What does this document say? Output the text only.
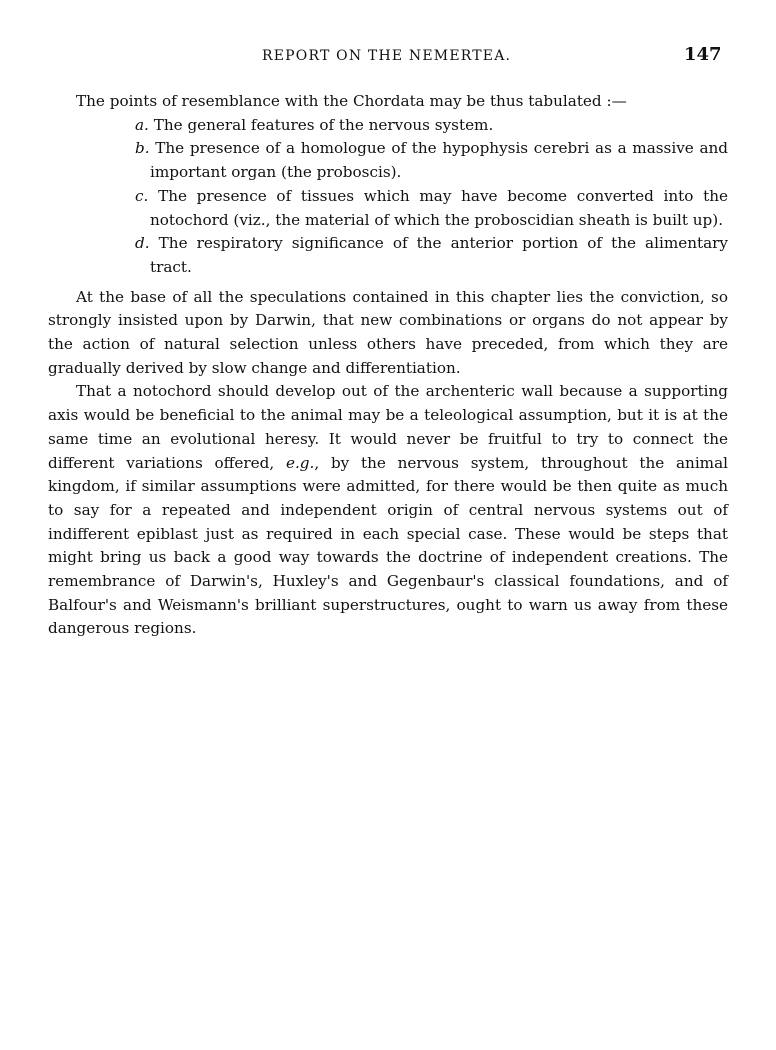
REPORT ON THE NEMERTEA.	147

The points of resemblance with the Chordata may be thus tabulated :—

a. The general features of the nervous system.
b. The presence of a homologue of the hypophysis cerebri as a massive and important organ (the proboscis).
c. The presence of tissues which may have become converted into the notochord (viz., the material of which the proboscidian sheath is built up).
d. The respiratory significance of the anterior portion of the alimentary tract.

At the base of all the speculations contained in this chapter lies the conviction, so strongly insisted upon by Darwin, that new combinations or organs do not appear by the action of natural selection unless others have preceded, from which they are gradually derived by slow change and differentiation.

That a notochord should develop out of the archenteric wall because a supporting axis would be beneficial to the animal may be a teleological assumption, but it is at the same time an evolutional heresy. It would never be fruitful to try to connect the different variations offered, e.g., by the nervous system, throughout the animal kingdom, if similar assumptions were admitted, for there would be then quite as much to say for a repeated and independent origin of central nervous systems out of indifferent epiblast just as required in each special case. These would be steps that might bring us back a good way towards the doctrine of independent creations. The remembrance of Darwin's, Huxley's and Gegenbaur's classical foundations, and of Balfour's and Weismann's brilliant superstructures, ought to warn us away from these dangerous regions.
